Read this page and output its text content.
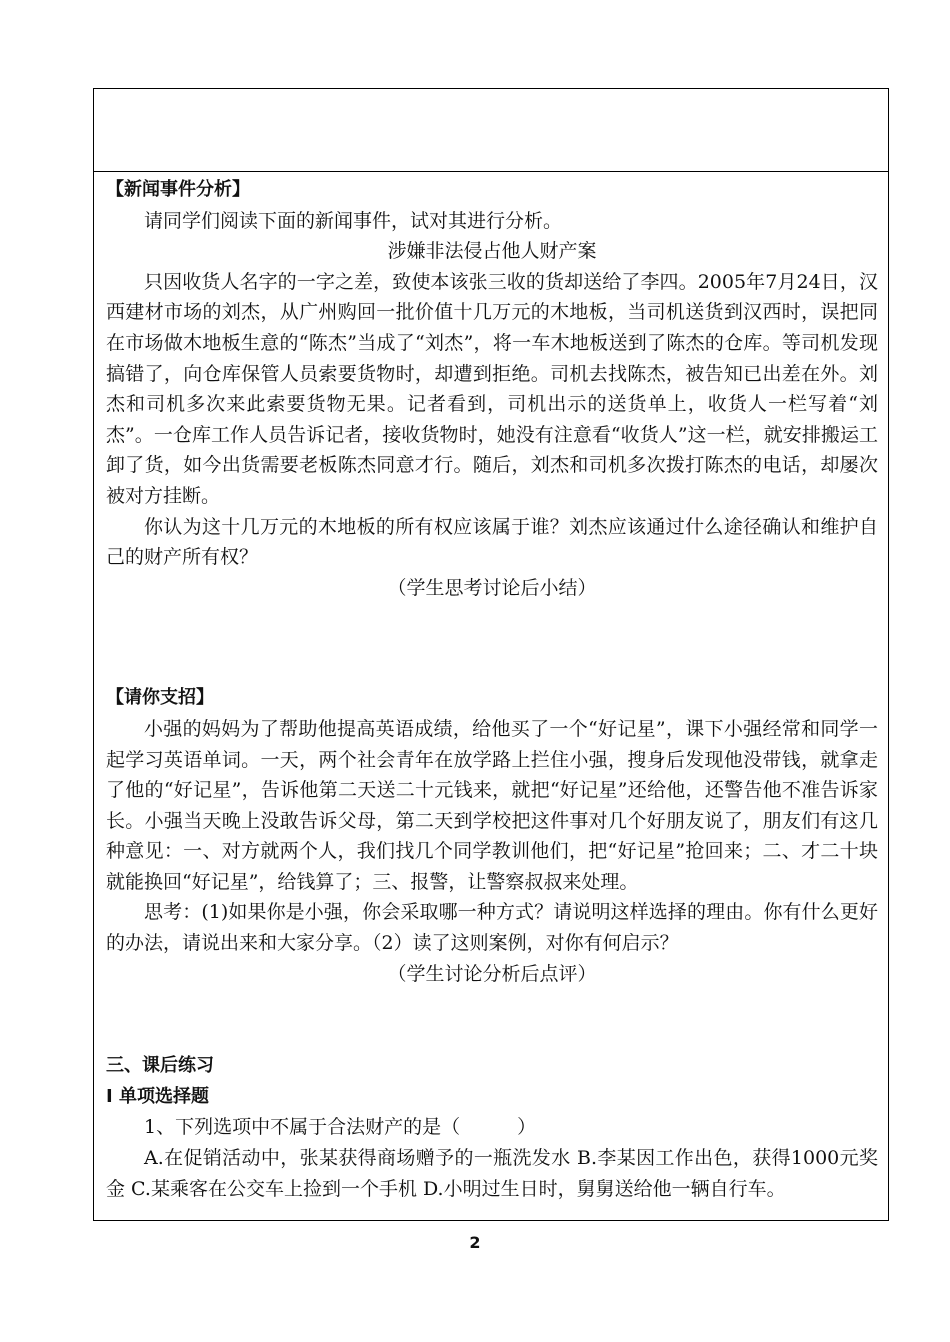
【新闻事件分析】

请同学们阅读下面的新闻事件，试对其进行分析。

涉嫌非法侵占他人财产案

只因收货人名字的一字之差，致使本该张三收的货却送给了李四。2005年7月24日，汉西建材市场的刘杰，从广州购回一批价值十几万元的木地板，当司机送货到汉西时，误把同在市场做木地板生意的“陈杰”当成了“刘杰”，将一车木地板送到了陈杰的仓库。等司机发现搞错了，向仓库保管人员索要货物时，却遭到拒绝。司机去找陈杰，被告知已出差在外。刘杰和司机多次来此索要货物无果。记者看到，司机出示的送货单上，收货人一栏写着“刘杰”。一仓库工作人员告诉记者，接收货物时，她没有注意看“收货人”这一栏，就安排搬运工卸了货，如今出货需要老板陈杰同意才行。随后，刘杰和司机多次拨打陈杰的电话，却屡次被对方挂断。

你认为这十几万元的木地板的所有权应该属于谁？刘杰应该通过什么途径确认和维护自己的财产所有权？

（学生思考讨论后小结）

【请你支招】

小强的妈妈为了帮助他提高英语成绩，给他买了一个“好记星”，课下小强经常和同学一起学习英语单词。一天，两个社会青年在放学路上拦住小强，搜身后发现他没带钱，就拿走了他的“好记星”，告诉他第二天送二十元钱来，就把“好记星”还给他，还警告他不准告诉家长。小强当天晚上没敢告诉父母，第二天到学校把这件事对几个好朋友说了，朋友们有这几种意见：一、对方就两个人，我们找几个同学教训他们，把“好记星”抢回来；二、才二十块就能换回“好记星”，给钱算了；三、报警，让警察叔叔来处理。

思考：(1)如果你是小强，你会采取哪一种方式？请说明这样选择的理由。你有什么更好的办法，请说出来和大家分享。（2）读了这则案例，对你有何启示？

（学生讨论分析后点评）

三、课后练习

Ⅰ 单项选择题

1、下列选项中不属于合法财产的是（　　　）

A.在促销活动中，张某获得商场赠予的一瓶洗发水 B.李某因工作出色，获得1000元奖金 C.某乘客在公交车上捡到一个手机 D.小明过生日时，舅舅送给他一辆自行车。

2
